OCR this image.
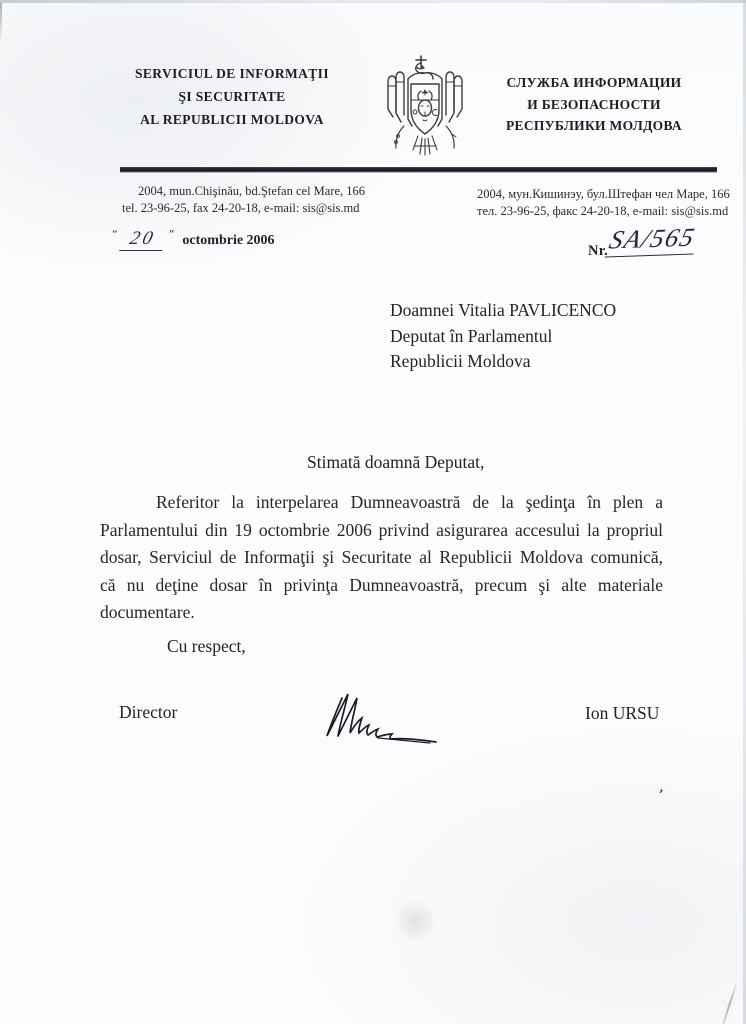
SERVICIUL DE INFORMAŢII
ŞI SECURITATE
AL REPUBLICII MOLDOVA
СЛУЖБА ИНФОРМАЦИИ
И БЕЗОПАСНОСТИ
РЕСПУБЛИКИ МОЛДОВА
2004, mun.Chişinău, bd.Ştefan cel Mare, 166
tel. 23-96-25, fax 24-20-18, e-mail: sis@sis.md
2004, мун.Кишинэу, бул.Штефан чел Маре, 166
тел. 23-96-25, факс 24-20-18, e-mail: sis@sis.md
“ 20 ” octombrie 2006
Nr.SA/565
Doamnei Vitalia PAVLICENCO
Deputat în Parlamentul
Republicii Moldova
Stimată doamnă Deputat,
Referitor la interpelarea Dumneavoastră de la şedinţa în plen a Parlamentului din 19 octombrie 2006 privind asigurarea accesului la propriul dosar, Serviciul de Informaţii şi Securitate al Republicii Moldova comunică, că nu deţine dosar în privinţa Dumneavoastră, precum şi alte materiale documentare.
Cu respect,
Director	Ion URSU
’
